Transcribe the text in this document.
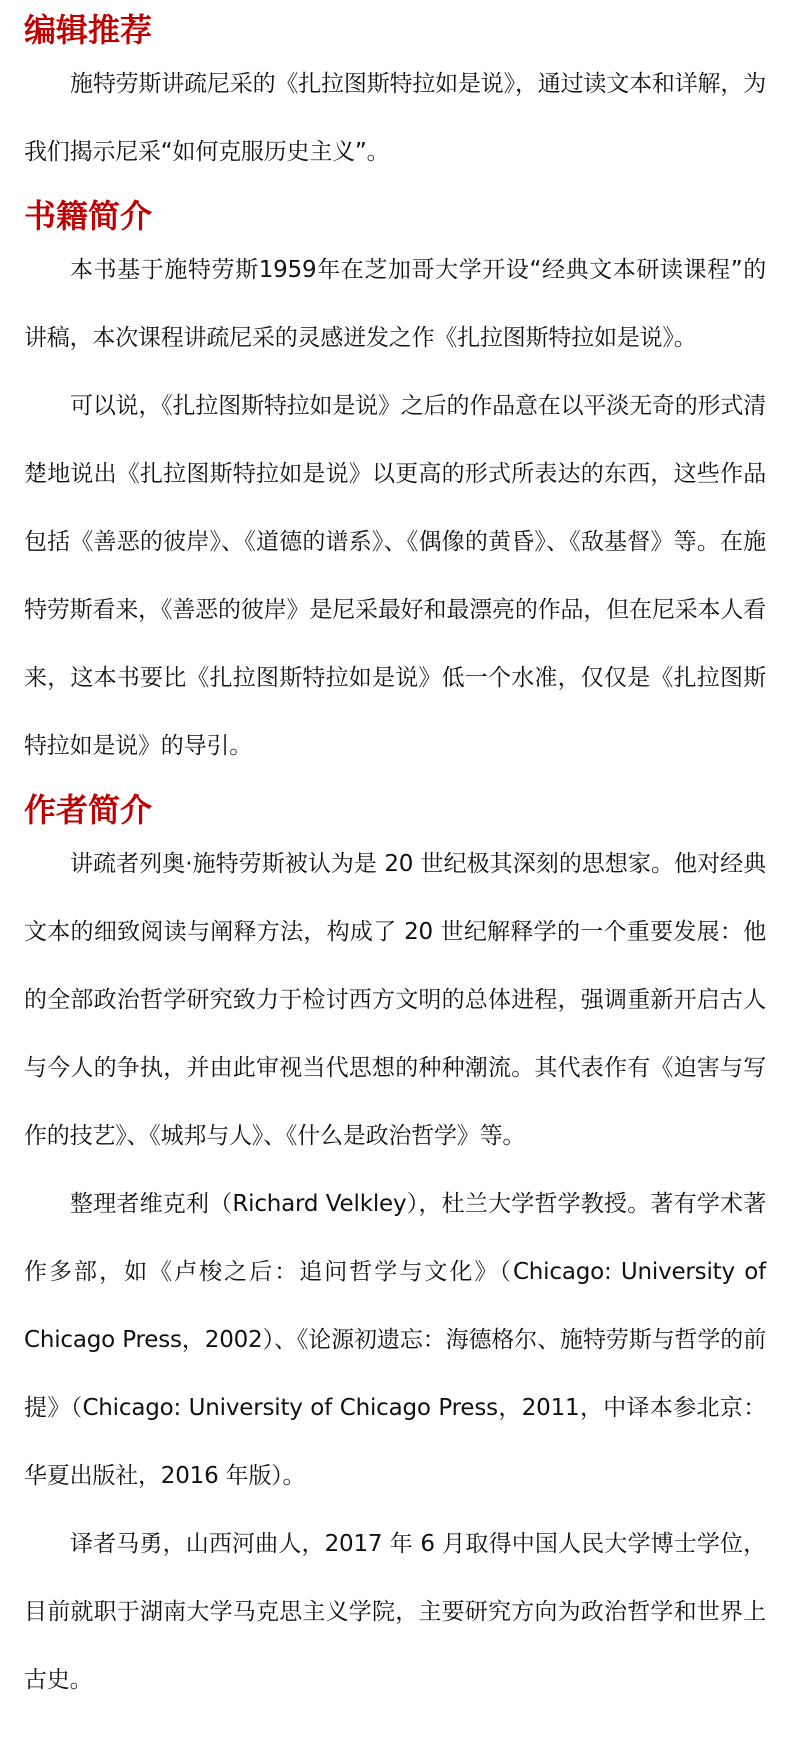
编辑推荐

施特劳斯讲疏尼采的《扎拉图斯特拉如是说》，通过读文本和详解，为我们揭示尼采“如何克服历史主义”。

书籍简介

本书基于施特劳斯1959年在芝加哥大学开设“经典文本研读课程”的讲稿，本次课程讲疏尼采的灵感迸发之作《扎拉图斯特拉如是说》。

可以说，《扎拉图斯特拉如是说》之后的作品意在以平淡无奇的形式清楚地说出《扎拉图斯特拉如是说》以更高的形式所表达的东西，这些作品包括《善恶的彼岸》、《道德的谱系》、《偶像的黄昏》、《敌基督》等。在施特劳斯看来，《善恶的彼岸》是尼采最好和最漂亮的作品，但在尼采本人看来，这本书要比《扎拉图斯特拉如是说》低一个水准，仅仅是《扎拉图斯特拉如是说》的导引。

作者简介

讲疏者列奥·施特劳斯被认为是 20 世纪极其深刻的思想家。他对经典文本的细致阅读与阐释方法，构成了 20 世纪解释学的一个重要发展：他的全部政治哲学研究致力于检讨西方文明的总体进程，强调重新开启古人与今人的争执，并由此审视当代思想的种种潮流。其代表作有《迫害与写作的技艺》、《城邦与人》、《什么是政治哲学》等。

整理者维克利（Richard Velkley），杜兰大学哲学教授。著有学术著作多部，如《卢梭之后：追问哲学与文化》（Chicago: University of Chicago Press，2002）、《论源初遗忘：海德格尔、施特劳斯与哲学的前提》（Chicago: University of Chicago Press，2011，中译本参北京：华夏出版社，2016 年版）。

译者马勇，山西河曲人，2017 年 6 月取得中国人民大学博士学位，目前就职于湖南大学马克思主义学院，主要研究方向为政治哲学和世界上古史。
